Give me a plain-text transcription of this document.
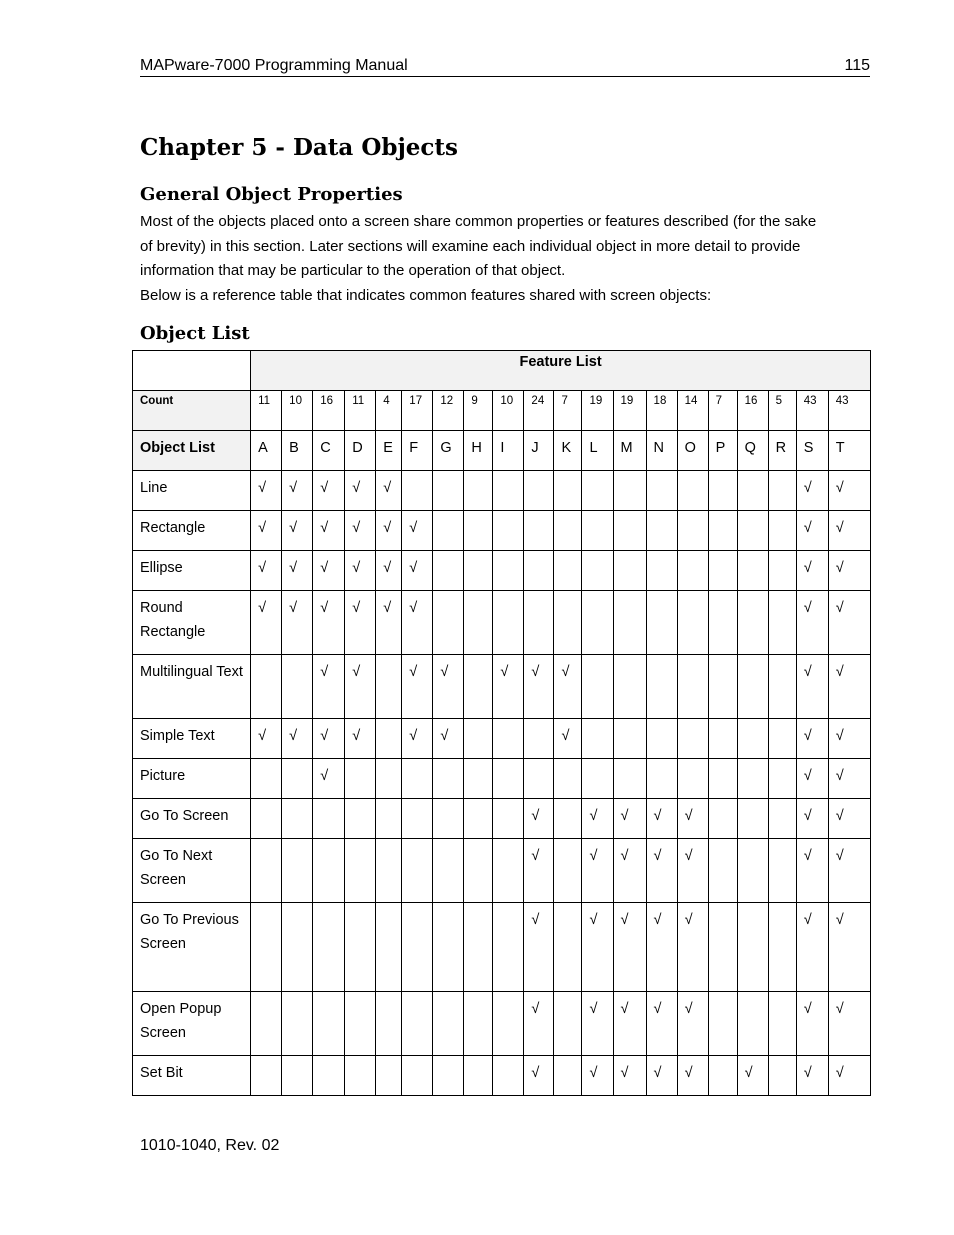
MAPware-7000 Programming Manual	115
Chapter 5 - Data Objects
General Object Properties

Most of the objects placed onto a screen share common properties or features described (for the sake of brevity) in this section. Later sections will examine each individual object in more detail to provide information that may be particular to the operation of that object.

Below is a reference table that indicates common features shared with screen objects:

Object List
	Feature List																			
Count	11	10	16	11	4	17	12	9	10	24	7	19	19	18	14	7	16	5	43	43
Object List	A	B	C	D	E	F	G	H	I	J	K	L	M	N	O	P	Q	R	S	T
Line	√	√	√	√	√														√	√
Rectangle	√	√	√	√	√	√													√	√
Ellipse	√	√	√	√	√	√													√	√
Round Rectangle	√	√	√	√	√	√													√	√
Multilingual Text			√	√		√	√		√	√	√								√	√
Simple Text	√	√	√	√		√	√				√								√	√
Picture			√																√	√
Go To Screen										√		√	√	√	√				√	√
Go To Next Screen										√		√	√	√	√				√	√
Go To Previous Screen										√		√	√	√	√				√	√
Open Popup Screen										√		√	√	√	√				√	√
Set Bit										√		√	√	√	√		√		√	√
1010-1040, Rev. 02
